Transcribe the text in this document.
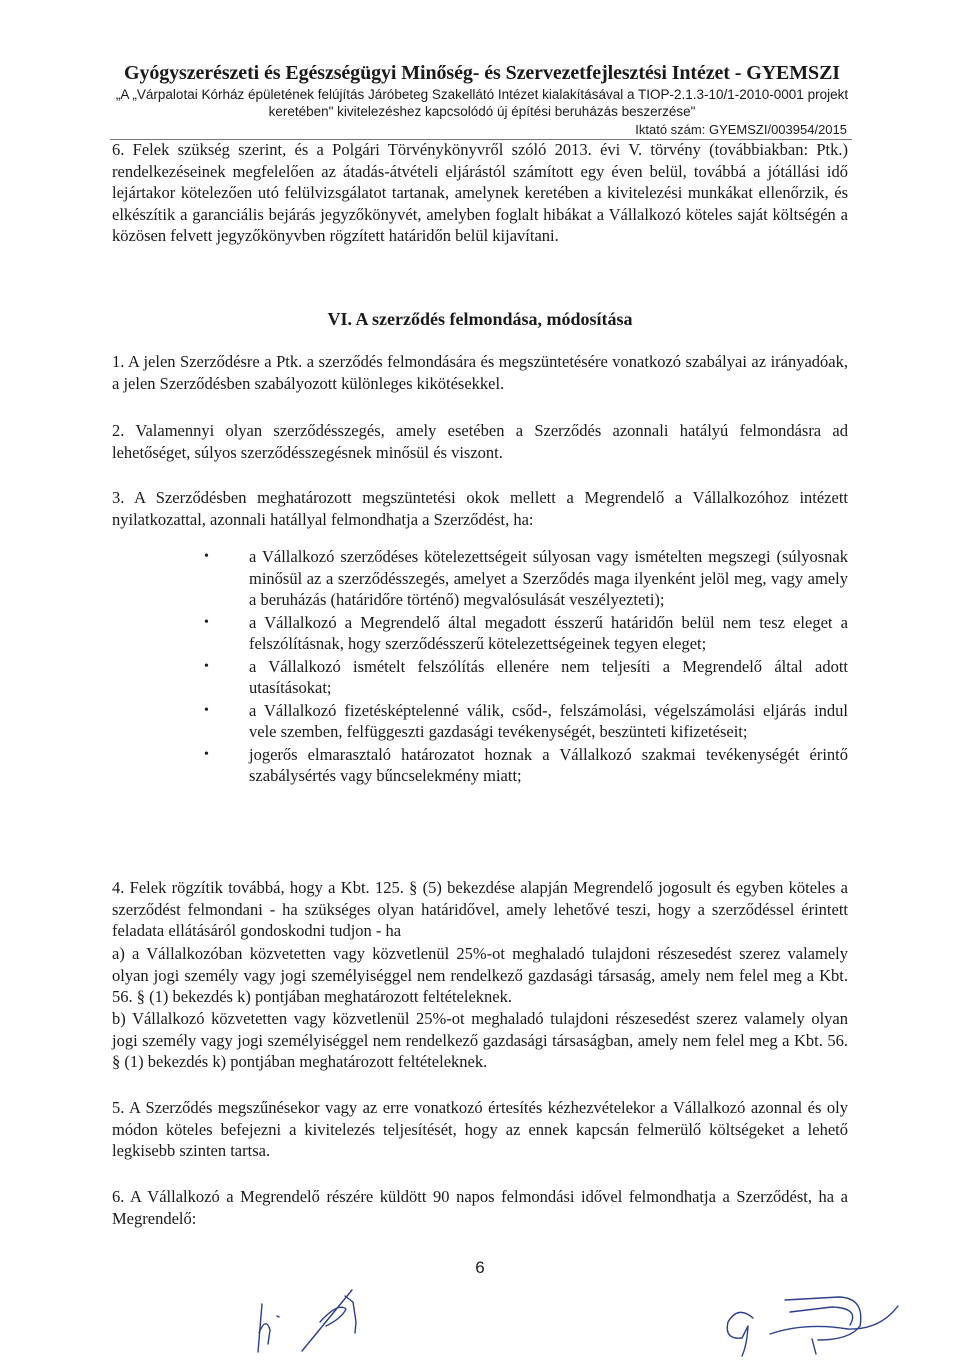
Gyógyszerészeti és Egészségügyi Minőség- és Szervezetfejlesztési Intézet - GYEMSZI
„A „Várpalotai Kórház épületének felújítás Járóbeteg Szakellátó Intézet kialakításával a TIOP-2.1.3-10/1-2010-0001 projekt
keretében" kivitelezéshez kapcsolódó új építési beruházás beszerzése"
Iktató szám: GYEMSZI/003954/2015

6. Felek szükség szerint, és a Polgári Törvénykönyvről szóló 2013. évi V. törvény (továbbiakban: Ptk.) rendelkezéseinek megfelelően az átadás-átvételi eljárástól számított egy éven belül, továbbá a jótállási idő lejártakor kötelezően utó felülvizsgálatot tartanak, amelynek keretében a kivitelezési munkákat ellenőrzik, és elkészítik a garanciális bejárás jegyzőkönyvét, amelyben foglalt hibákat a Vállalkozó köteles saját költségén a közösen felvett jegyzőkönyvben rögzített határidőn belül kijavítani.

VI. A szerződés felmondása, módosítása

1. A jelen Szerződésre a Ptk. a szerződés felmondására és megszüntetésére vonatkozó szabályai az irányadóak, a jelen Szerződésben szabályozott különleges kikötésekkel.

2. Valamennyi olyan szerződésszegés, amely esetében a Szerződés azonnali hatályú felmondásra ad lehetőséget, súlyos szerződésszegésnek minősül és viszont.

3. A Szerződésben meghatározott megszüntetési okok mellett a Megrendelő a Vállalkozóhoz intézett nyilatkozattal, azonnali hatállyal felmondhatja a Szerződést, ha:

• a Vállalkozó szerződéses kötelezettségeit súlyosan vagy ismételten megszegi (súlyosnak minősül az a szerződésszegés, amelyet a Szerződés maga ilyenként jelöl meg, vagy amely a beruházás (határidőre történő) megvalósulását veszélyezteti);
• a Vállalkozó a Megrendelő által megadott ésszerű határidőn belül nem tesz eleget a felszólításnak, hogy szerződésszerű kötelezettségeinek tegyen eleget;
• a Vállalkozó ismételt felszólítás ellenére nem teljesíti a Megrendelő által adott utasításokat;
• a Vállalkozó fizetésképtelenné válik, csőd-, felszámolási, végelszámolási eljárás indul vele szemben, felfüggeszti gazdasági tevékenységét, beszünteti kifizetéseit;
• jogerős elmarasztaló határozatot hoznak a Vállalkozó szakmai tevékenységét érintő szabálysértés vagy bűncselekmény miatt;

4. Felek rögzítik továbbá, hogy a Kbt. 125. § (5) bekezdése alapján Megrendelő jogosult és egyben köteles a szerződést felmondani - ha szükséges olyan határidővel, amely lehetővé teszi, hogy a szerződéssel érintett feladata ellátásáról gondoskodni tudjon - ha

a) a Vállalkozóban közvetetten vagy közvetlenül 25%-ot meghaladó tulajdoni részesedést szerez valamely olyan jogi személy vagy jogi személyiséggel nem rendelkező gazdasági társaság, amely nem felel meg a Kbt. 56. § (1) bekezdés k) pontjában meghatározott feltételeknek.

b) Vállalkozó közvetetten vagy közvetlenül 25%-ot meghaladó tulajdoni részesedést szerez valamely olyan jogi személy vagy jogi személyiséggel nem rendelkező gazdasági társaságban, amely nem felel meg a Kbt. 56. § (1) bekezdés k) pontjában meghatározott feltételeknek.

5. A Szerződés megszűnésekor vagy az erre vonatkozó értesítés kézhezvételekor a Vállalkozó azonnal és oly módon köteles befejezni a kivitelezés teljesítését, hogy az ennek kapcsán felmerülő költségeket a lehető legkisebb szinten tartsa.

6. A Vállalkozó a Megrendelő részére küldött 90 napos felmondási idővel felmondhatja a Szerződést, ha a Megrendelő:

6
